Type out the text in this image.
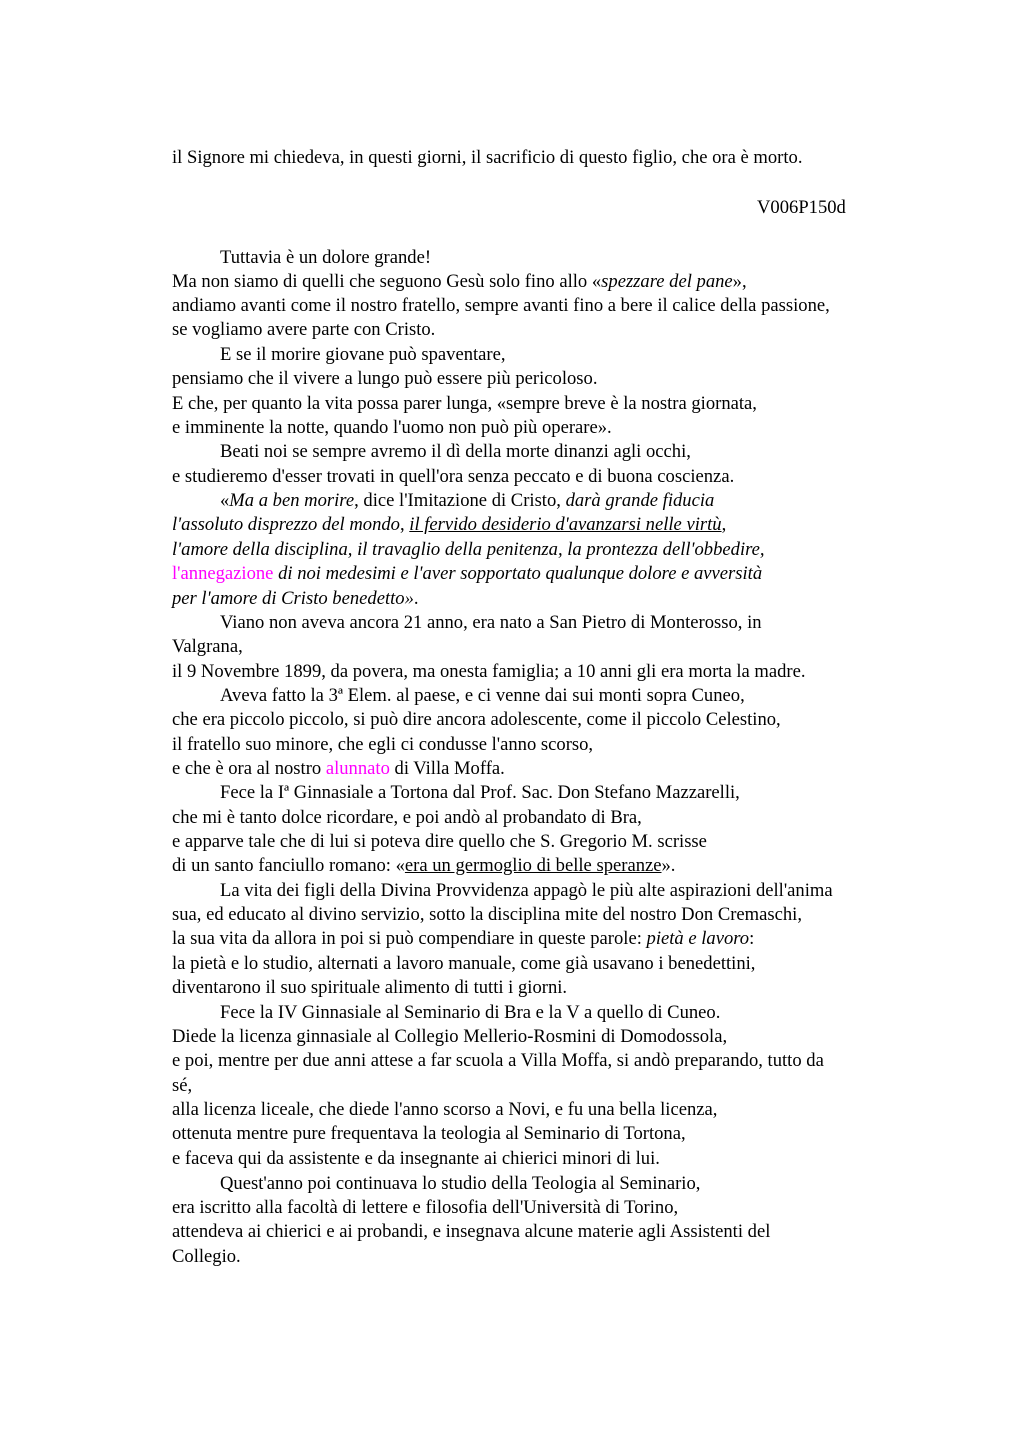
il Signore mi chiedeva, in questi giorni, il sacrificio di questo figlio, che ora è morto.
V006P150d
Tuttavia è un dolore grande!
Ma non siamo di quelli che seguono Gesù solo fino allo «spezzare del pane»,
andiamo avanti come il nostro fratello, sempre avanti fino a bere il calice della passione,
se vogliamo avere parte con Cristo.
E se il morire giovane può spaventare,
pensiamo che il vivere a lungo può essere più pericoloso.
E che, per quanto la vita possa parer lunga, «sempre breve è la nostra giornata,
e imminente la notte, quando l'uomo non può più operare».
Beati noi se sempre avremo il dì della morte dinanzi agli occhi,
e studieremo d'esser trovati in quell'ora senza peccato e di buona coscienza.
«Ma a ben morire, dice l'Imitazione di Cristo, darà grande fiducia
l'assoluto disprezzo del mondo, il fervido desiderio d'avanzarsi nelle virtù,
l'amore della disciplina, il travaglio della penitenza, la prontezza dell'obbedire,
l'annegazione di noi medesimi e l'aver sopportato qualunque dolore e avversità
per l'amore di Cristo benedetto».
Viano non aveva ancora 21 anno, era nato a San Pietro di Monterosso, in
Valgrana,
il 9 Novembre 1899, da povera, ma onesta famiglia; a 10 anni gli era morta la madre.
Aveva fatto la 3ª Elem. al paese, e ci venne dai sui monti sopra Cuneo,
che era piccolo piccolo, si può dire ancora adolescente, come il piccolo Celestino,
il fratello suo minore, che egli ci condusse l'anno scorso,
e che è ora al nostro alunnato di Villa Moffa.
Fece la Iª Ginnasiale a Tortona dal Prof. Sac. Don Stefano Mazzarelli,
che mi è tanto dolce ricordare, e poi andò al probandato di Bra,
e apparve tale che di lui si poteva dire quello che S. Gregorio M. scrisse
di un santo fanciullo romano: «era un germoglio di belle speranze».
La vita dei figli della Divina Provvidenza appagò le più alte aspirazioni dell'anima
sua, ed educato al divino servizio, sotto la disciplina mite del nostro Don Cremaschi,
la sua vita da allora in poi si può compendiare in queste parole: pietà e lavoro:
la pietà e lo studio, alternati a lavoro manuale, come già usavano i benedettini,
diventarono il suo spirituale alimento di tutti i giorni.
Fece la IV Ginnasiale al Seminario di Bra e la V a quello di Cuneo.
Diede la licenza ginnasiale al Collegio Mellerio-Rosmini di Domodossola,
e poi, mentre per due anni attese a far scuola a Villa Moffa, si andò preparando, tutto da
sé,
alla licenza liceale, che diede l'anno scorso a Novi, e fu una bella licenza,
ottenuta mentre pure frequentava la teologia al Seminario di Tortona,
e faceva qui da assistente e da insegnante ai chierici minori di lui.
Quest'anno poi continuava lo studio della Teologia al Seminario,
era iscritto alla facoltà di lettere e filosofia dell'Università di Torino,
attendeva ai chierici e ai probandi, e insegnava alcune materie agli Assistenti del
Collegio.
